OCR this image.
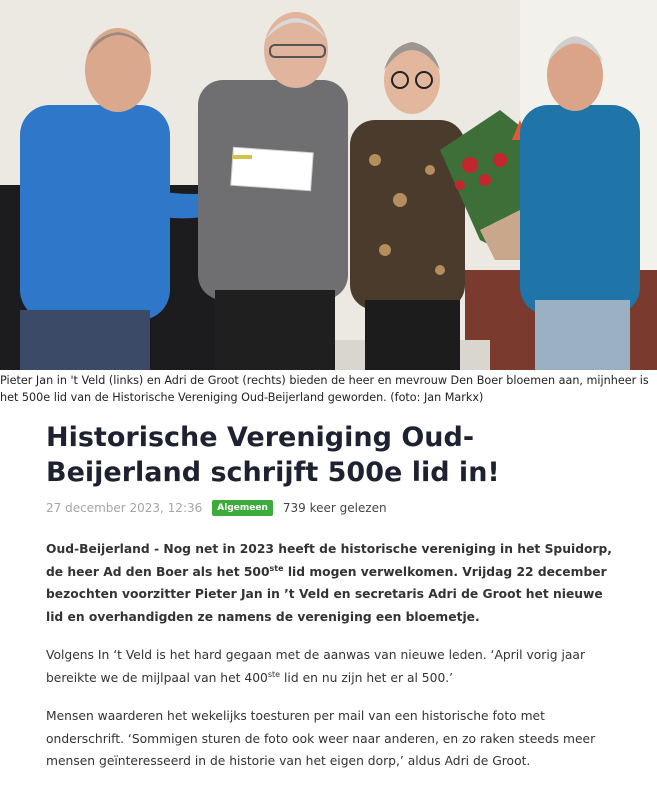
Pieter Jan in 't Veld (links) en Adri de Groot (rechts) bieden de heer en mevrouw Den Boer bloemen aan, mijnheer is het 500e lid van de Historische Vereniging Oud-Beijerland geworden. (foto: Jan Markx)
Historische Vereniging Oud-Beijerland schrijft 500e lid in!
27 december 2023, 12:36	Algemeen	739 keer gelezen

Oud-Beijerland - Nog net in 2023 heeft de historische vereniging in het Spuidorp, de heer Ad den Boer als het 500ste lid mogen verwelkomen. Vrijdag 22 december bezochten voorzitter Pieter Jan in ’t Veld en secretaris Adri de Groot het nieuwe lid en overhandigden ze namens de vereniging een bloemetje.

Volgens In ‘t Veld is het hard gegaan met de aanwas van nieuwe leden. ‘April vorig jaar bereikte we de mijlpaal van het 400ste lid en nu zijn het er al 500.’

Mensen waarderen het wekelijks toesturen per mail van een historische foto met onderschrift. ‘Sommigen sturen de foto ook weer naar anderen, en zo raken steeds meer mensen geïnteresseerd in de historie van het eigen dorp,’ aldus Adri de Groot.
